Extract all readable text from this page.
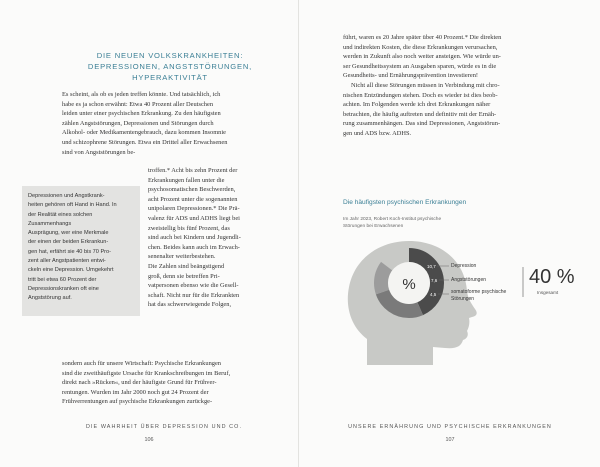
DIE NEUEN VOLKSKRANKHEITEN:
DEPRESSIONEN, ANGSTSTÖRUNGEN,
HYPERAKTIVITÄT
Es scheint, als ob es jeden treffen könnte. Und tatsächlich, ich
habe es ja schon erwähnt: Etwa 40 Prozent aller Deutschen
leiden unter einer psychischen Erkrankung. Zu den häufigsten
zählen Angststörungen, Depressionen und Störungen durch
Alkohol- oder Medikamentengebrauch, dazu kommen Insomnie
und schizophrene Störungen. Etwa ein Drittel aller Erwachsenen
sind von Angststörungen be-
troffen.* Acht bis zehn Prozent der
Erkrankungen fallen unter die
psychosomatischen Beschwerden,
acht Prozent unter die sogenannten
unipolaren Depressionen.* Die Prä-
valenz für ADS und ADHS liegt bei
zweistellig bis fünf Prozent, das
sind auch bei Kindern und Jugendli-
chen. Beides kann auch im Erwach-
senenalter weiterbestehen.
Die Zahlen sind beängstigend
groß, denn sie betreffen Pri-
vatpersonen ebenso wie die Gesell-
schaft. Nicht nur für die Erkrankten
hat das schwerwiegende Folgen,
Depressionen und Angstkrank-
heiten gehören oft Hand in Hand. In
der Realität eines solchen Zusammenhangs
Ausprägung, wer eine Merkmale
der einen der beiden Erkrankun-
gen hat, erfährt sie 40 bis 70 Pro-
zent aller Angstpatienten entwi-
ckeln eine Depression. Umgekehrt
tritt bei etwa 60 Prozent der
Depressionskranken oft eine
Angststörung auf.
sondern auch für unsere Wirtschaft: Psychische Erkrankungen
sind die zweithäufigste Ursache für Krankschreibungen im Beruf,
direkt nach »Rücken«, und der häufigste Grund für Frühver-
rentungen. Wurden im Jahr 2000 noch gut 24 Prozent der
Frühverrentungen auf psychische Erkrankungen zurückge-
DIE WAHRHEIT ÜBER DEPRESSION UND CO.
106
führt, waren es 20 Jahre später über 40 Prozent.* Die direkten
und indirekten Kosten, die diese Erkrankungen verursachen,
werden in Zukunft also noch weiter ansteigen. Wie würde un-
ser Gesundheitssystem an Ausgaben sparen, würde es in die
Gesundheits- und Ernährungsprävention investieren!
Nicht all diese Störungen müssen in Verbindung mit chro-
nischen Entzündungen stehen. Doch es wieder ist dies beob-
achten. Im Folgenden werde ich drei Erkrankungen näher
betrachten, die häufig auftreten und definitiv mit der Ernäh-
rung zusammenhängen. Das sind Depressionen, Angststörun-
gen und ADS bzw. ADHS.
Die häufigsten psychischen Erkrankungen
Im Jahr 2023, Robert Koch-Institut psychische
Störungen bei Erwachsenen
%
10,7
7,6
4,5
Depression
Angststörungen
somatoforme psychische Störungen
40 %
Insgesamt
UNSERE ERNÄHRUNG UND PSYCHISCHE ERKRANKUNGEN
107
